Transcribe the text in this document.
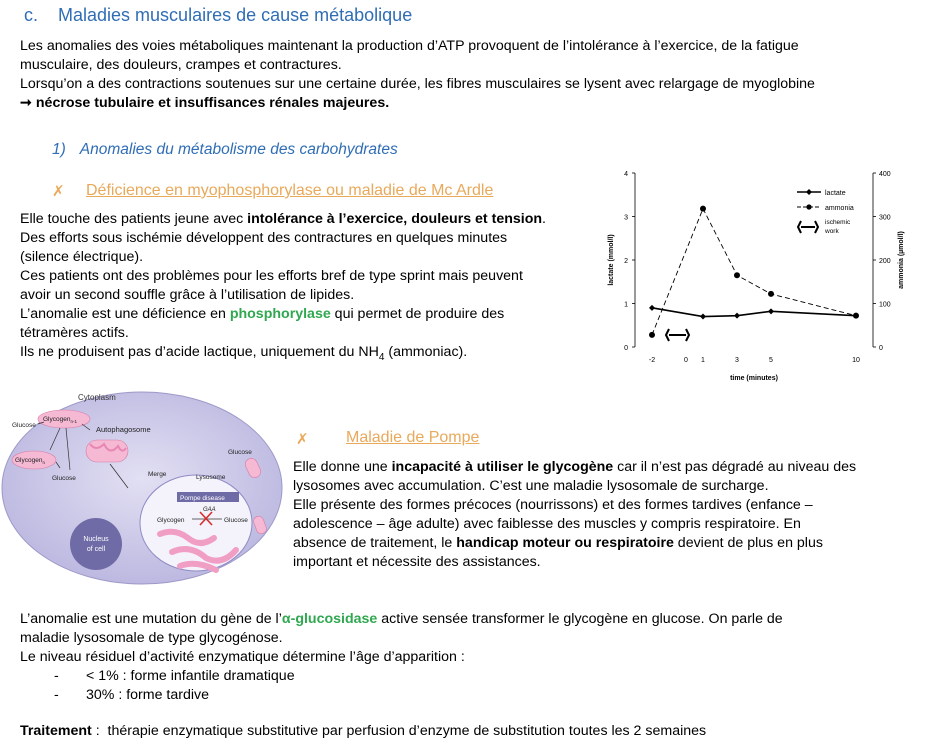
c. Maladies musculaires de cause métabolique
Les anomalies des voies métaboliques maintenant la production d’ATP provoquent de l’intolérance à l’exercice, de la fatigue
musculaire, des douleurs, crampes et contractures.
Lorsqu’on a des contractions soutenues sur une certaine durée, les fibres musculaires se lysent avec relargage de myoglobine
➞ nécrose tubulaire et insuffisances rénales majeures.
1) Anomalies du métabolisme des carbohydrates
✗ Déficience en myophosphorylase ou maladie de Mc Ardle
Elle touche des patients jeune avec intolérance à l’exercice, douleurs et tension.
Des efforts sous ischémie développent des contractures en quelques minutes
(silence électrique).
Ces patients ont des problèmes pour les efforts bref de type sprint mais peuvent
avoir un second souffle grâce à l’utilisation de lipides.
L’anomalie est une déficience en phosphorylase qui permet de produire des
tétramères actifs.
Ils ne produisent pas d’acide lactique, uniquement du $NH_4$ (ammoniac).	0
1
2
3
4
0
100
200
300
400
-2	0 1	3	5	10
time (minutes)
lactate (mmol/l)	ammonia (µmol/l)
lactate
ammonia
ischemic
work
Cytoplasm
Glycogen$_{n-1}$
Glycogen$_n$
Glucose
Glucose
Autophagosome
Merge	Lysosome
Pompe disease
GAA
Glycogen	Glucose
Glucose
Nucleus
of cell
✗ Maladie de Pompe
Elle donne une incapacité à utiliser le glycogène car il n’est pas dégradé au niveau des
lysosomes avec accumulation. C’est une maladie lysosomale de surcharge.
Elle présente des formes précoces (nourrissons) et des formes tardives (enfance –
adolescence – âge adulte) avec faiblesse des muscles y compris respiratoire. En
absence de traitement, le handicap moteur ou respiratoire devient de plus en plus
important et nécessite des assistances.
L’anomalie est une mutation du gène de l’α-glucosidase active sensée transformer le glycogène en glucose. On parle de
maladie lysosomale de type glycogénose.
Le niveau résiduel d’activité enzymatique détermine l’âge d’apparition :
- < 1% : forme infantile dramatique
- 30% : forme tardive
Traitement : thérapie enzymatique substitutive par perfusion d’enzyme de substitution toutes les 2 semaines
